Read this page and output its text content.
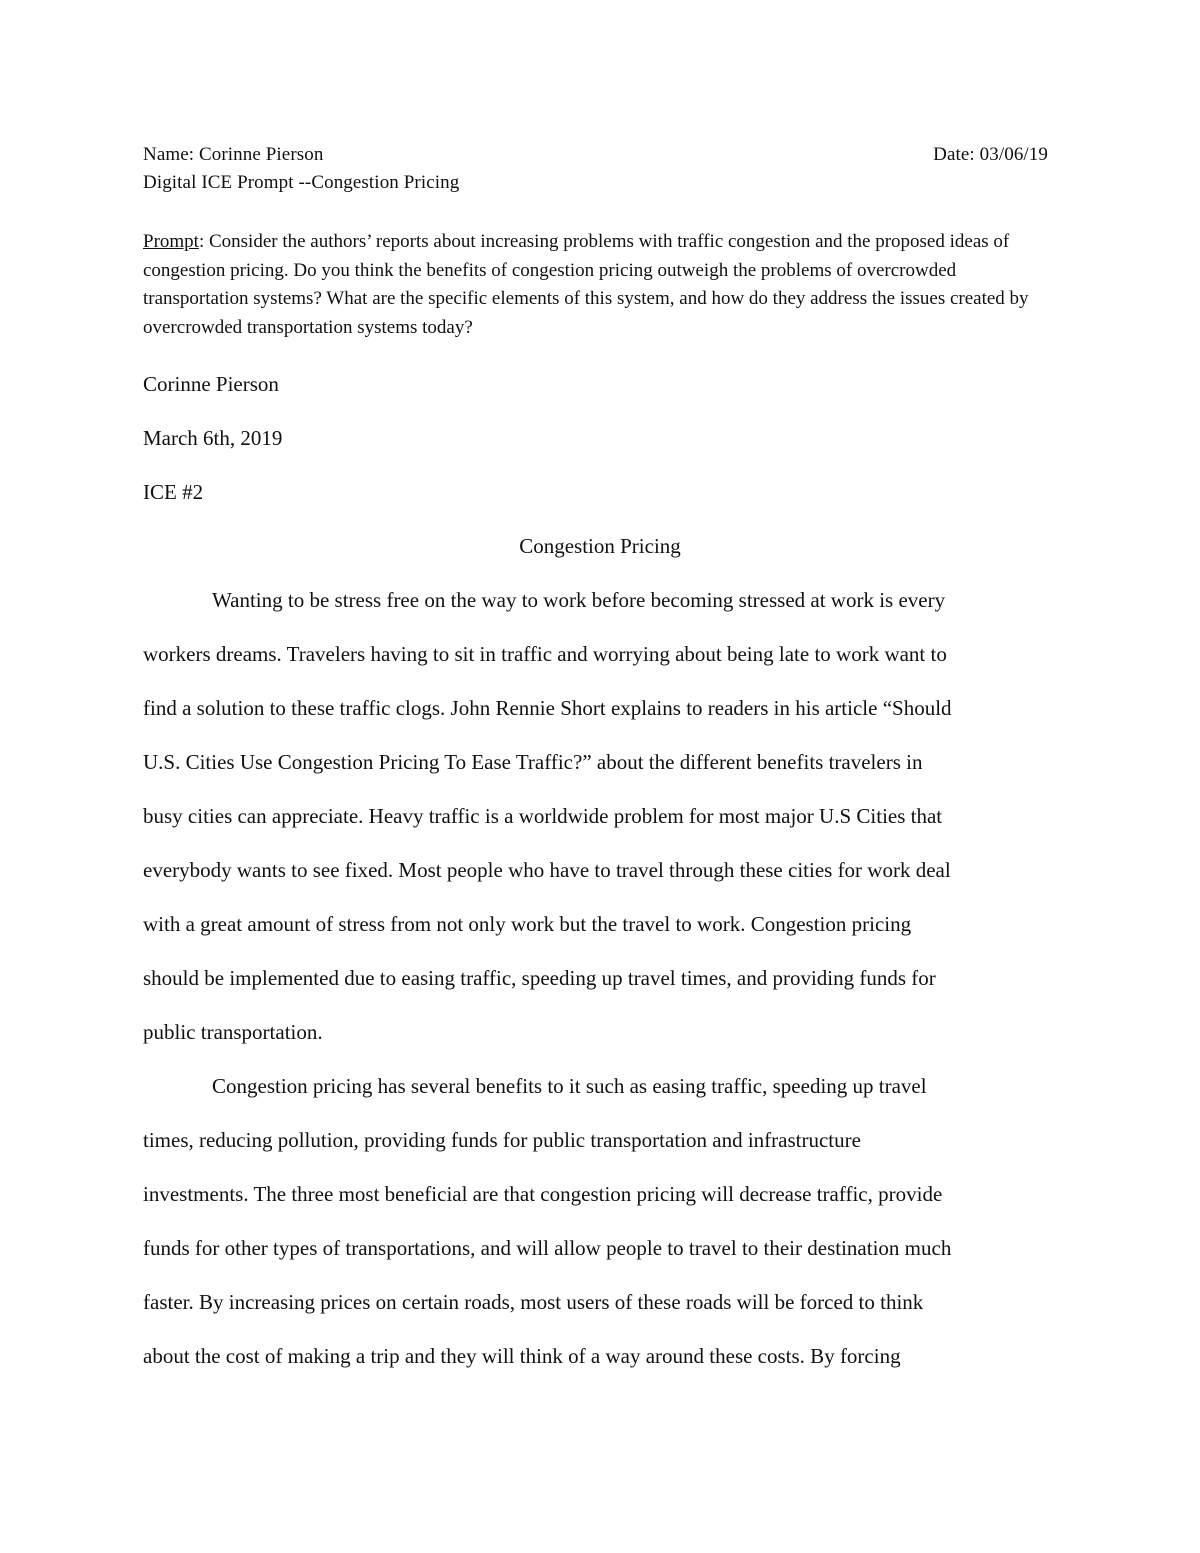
Name: Corinne Pierson	Date: 03/06/19
Digital ICE Prompt --Congestion Pricing
Prompt: Consider the authors’ reports about increasing problems with traffic congestion and the proposed ideas of congestion pricing. Do you think the benefits of congestion pricing outweigh the problems of overcrowded transportation systems? What are the specific elements of this system, and how do they address the issues created by overcrowded transportation systems today?
Corinne Pierson
March 6th, 2019
ICE #2
Congestion Pricing
Wanting to be stress free on the way to work before becoming stressed at work is every
workers dreams. Travelers having to sit in traffic and worrying about being late to work want to
find a solution to these traffic clogs. John Rennie Short explains to readers in his article “Should
U.S. Cities Use Congestion Pricing To Ease Traffic?” about the different benefits travelers in
busy cities can appreciate. Heavy traffic is a worldwide problem for most major U.S Cities that
everybody wants to see fixed. Most people who have to travel through these cities for work deal
with a great amount of stress from not only work but the travel to work. Congestion pricing
should be implemented due to easing traffic, speeding up travel times, and providing funds for
public transportation.
Congestion pricing has several benefits to it such as easing traffic, speeding up travel
times, reducing pollution, providing funds for public transportation and infrastructure
investments. The three most beneficial are that congestion pricing will decrease traffic, provide
funds for other types of transportations, and will allow people to travel to their destination much
faster. By increasing prices on certain roads, most users of these roads will be forced to think
about the cost of making a trip and they will think of a way around these costs. By forcing
